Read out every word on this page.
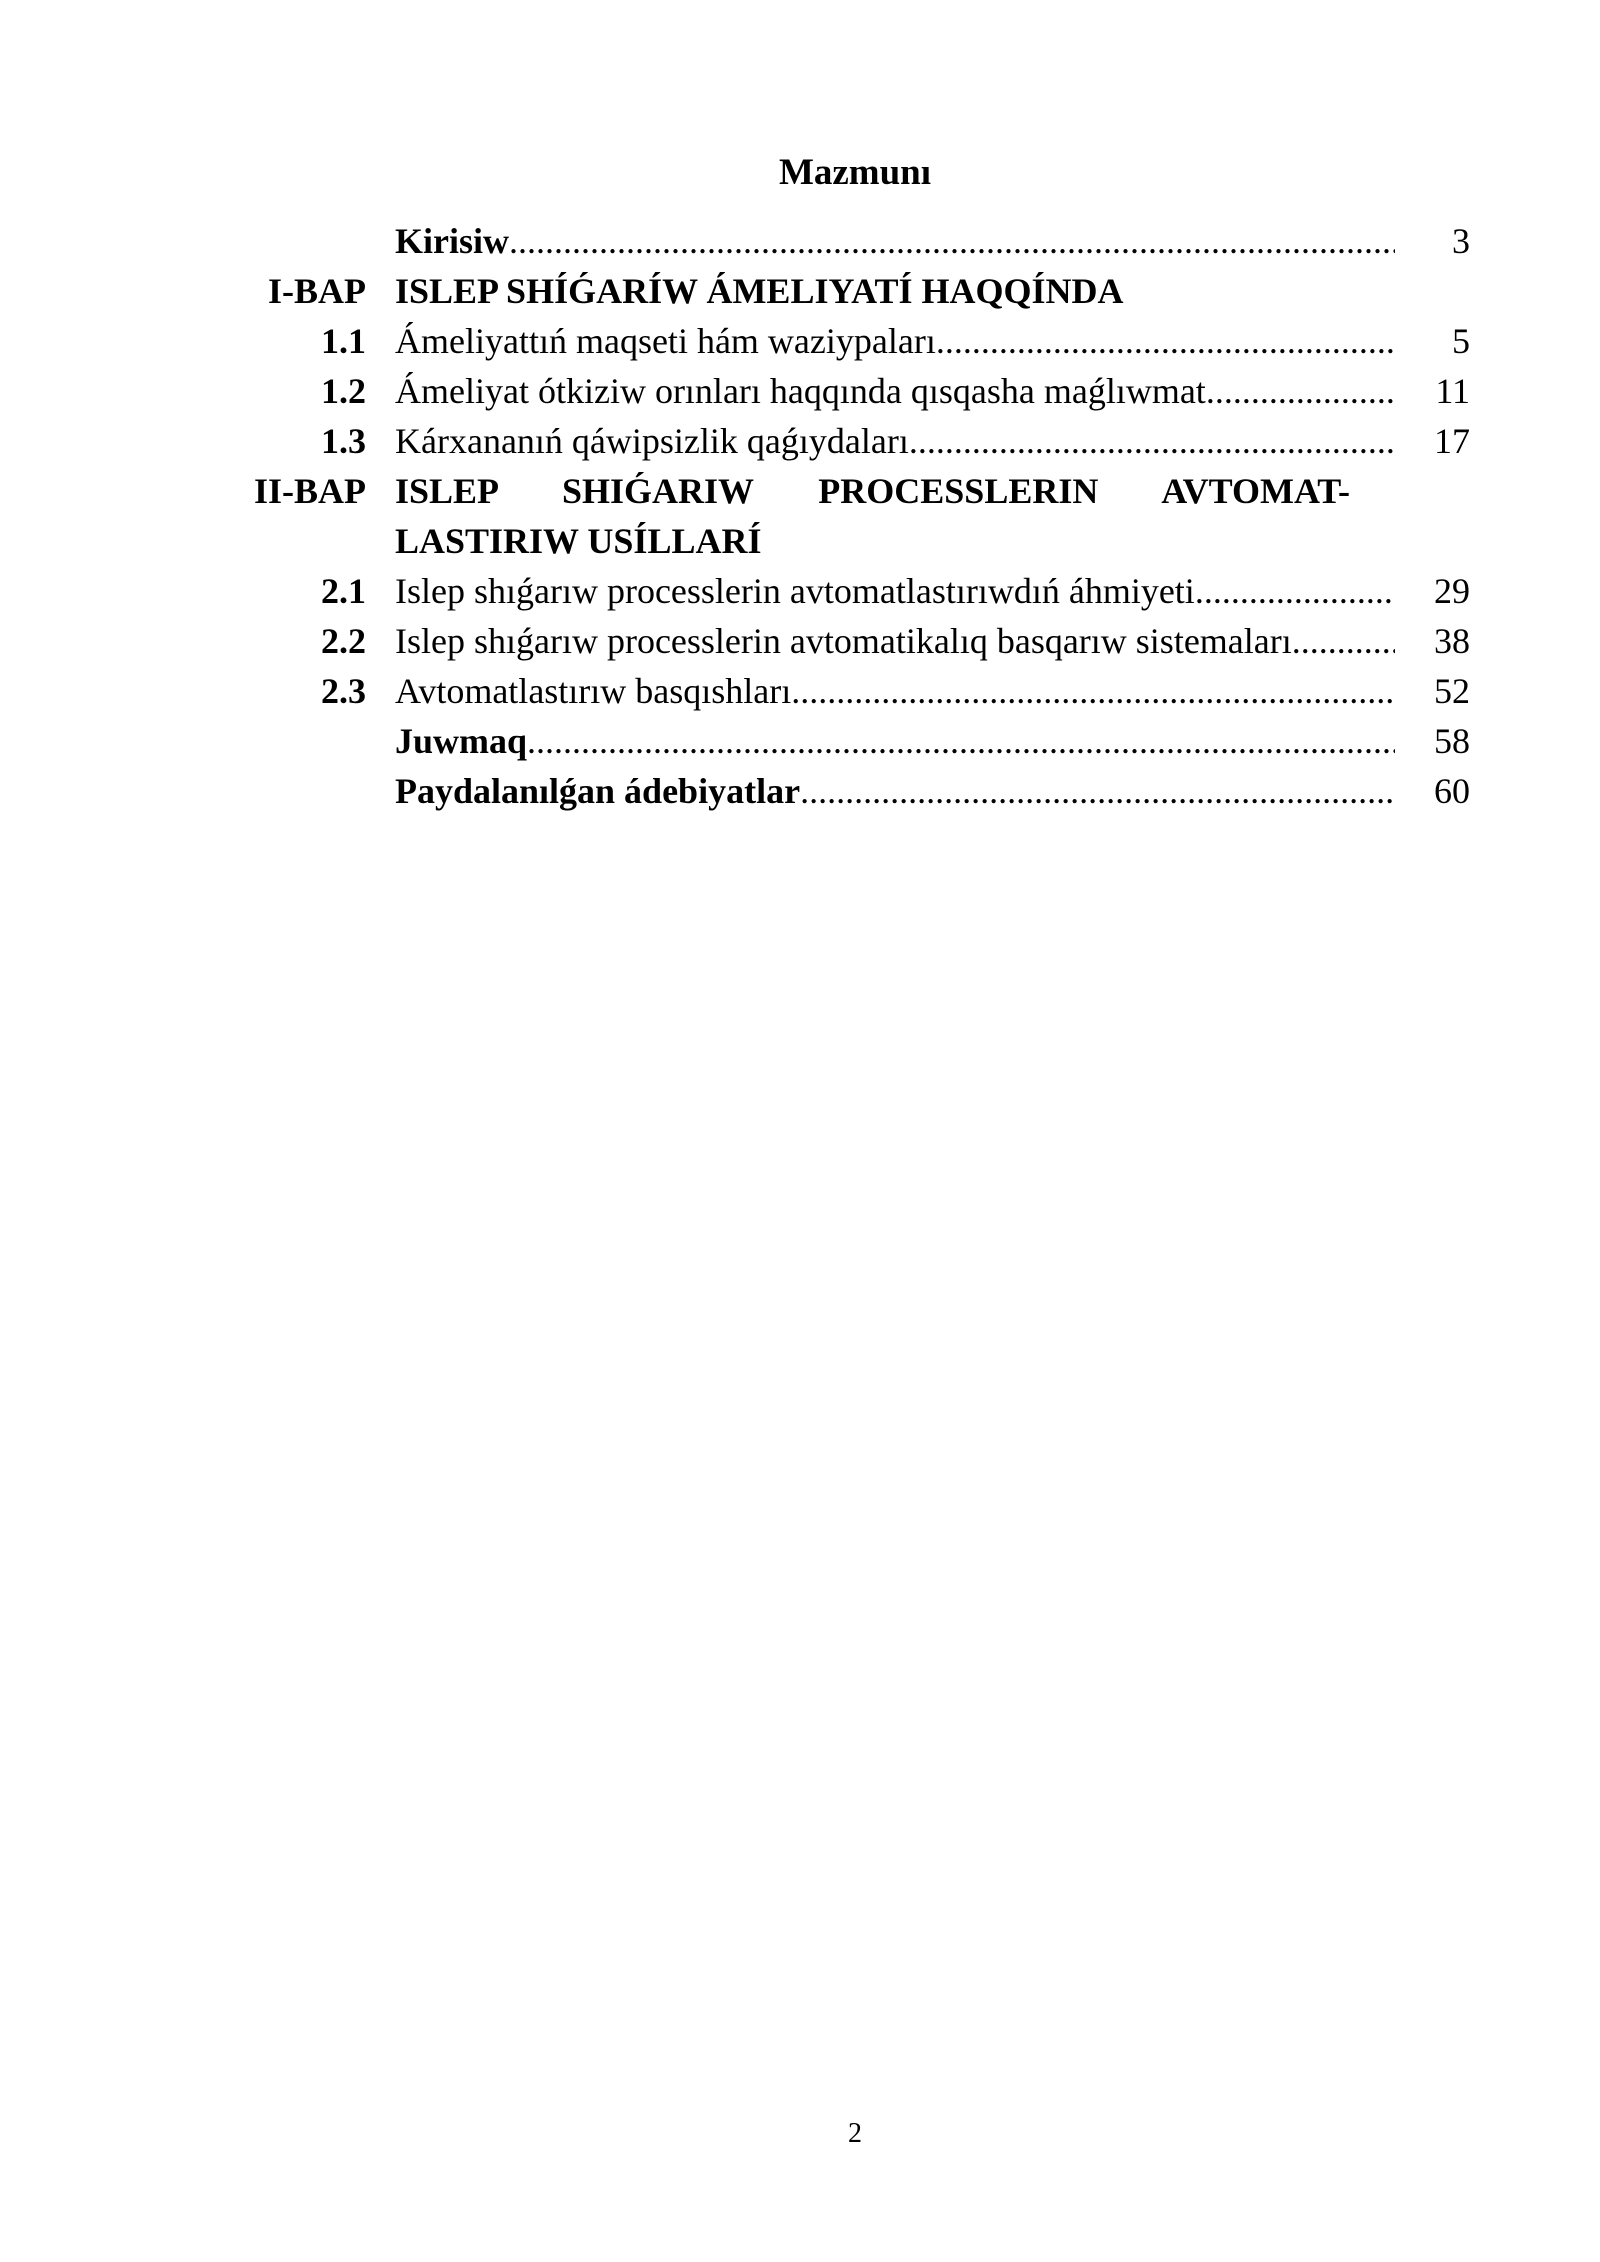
Mazmunı
Kirisiw .....	3
I-BAP ISLEP SHÍǴARÍW ÁMELIYATÍ HAQQÍNDA
1.1 Ámeliyattıń maqseti hám waziypaları .....	5
1.2 Ámeliyat ótkiziw orınları haqqında qısqasha maǵlıwmat .....	11
1.3 Kárxananıń qáwipsizlik qaǵıydaları .....	17
II-BAP ISLEP SHIǴARIW PROCESSLERIN AVTOMAT-
LASTIRIW USÍLLARÍ
2.1 Islep shıǵarıw processlerin avtomatlastırıwdıń áhmiyeti .....	29
2.2 Islep shıǵarıw processlerin avtomatikalıq basqarıw sistemaları .....	38
2.3 Avtomatlastırıw basqıshları .....	52
Juwmaq .....	58
Paydalanılǵan ádebiyatlar .....	60
2
